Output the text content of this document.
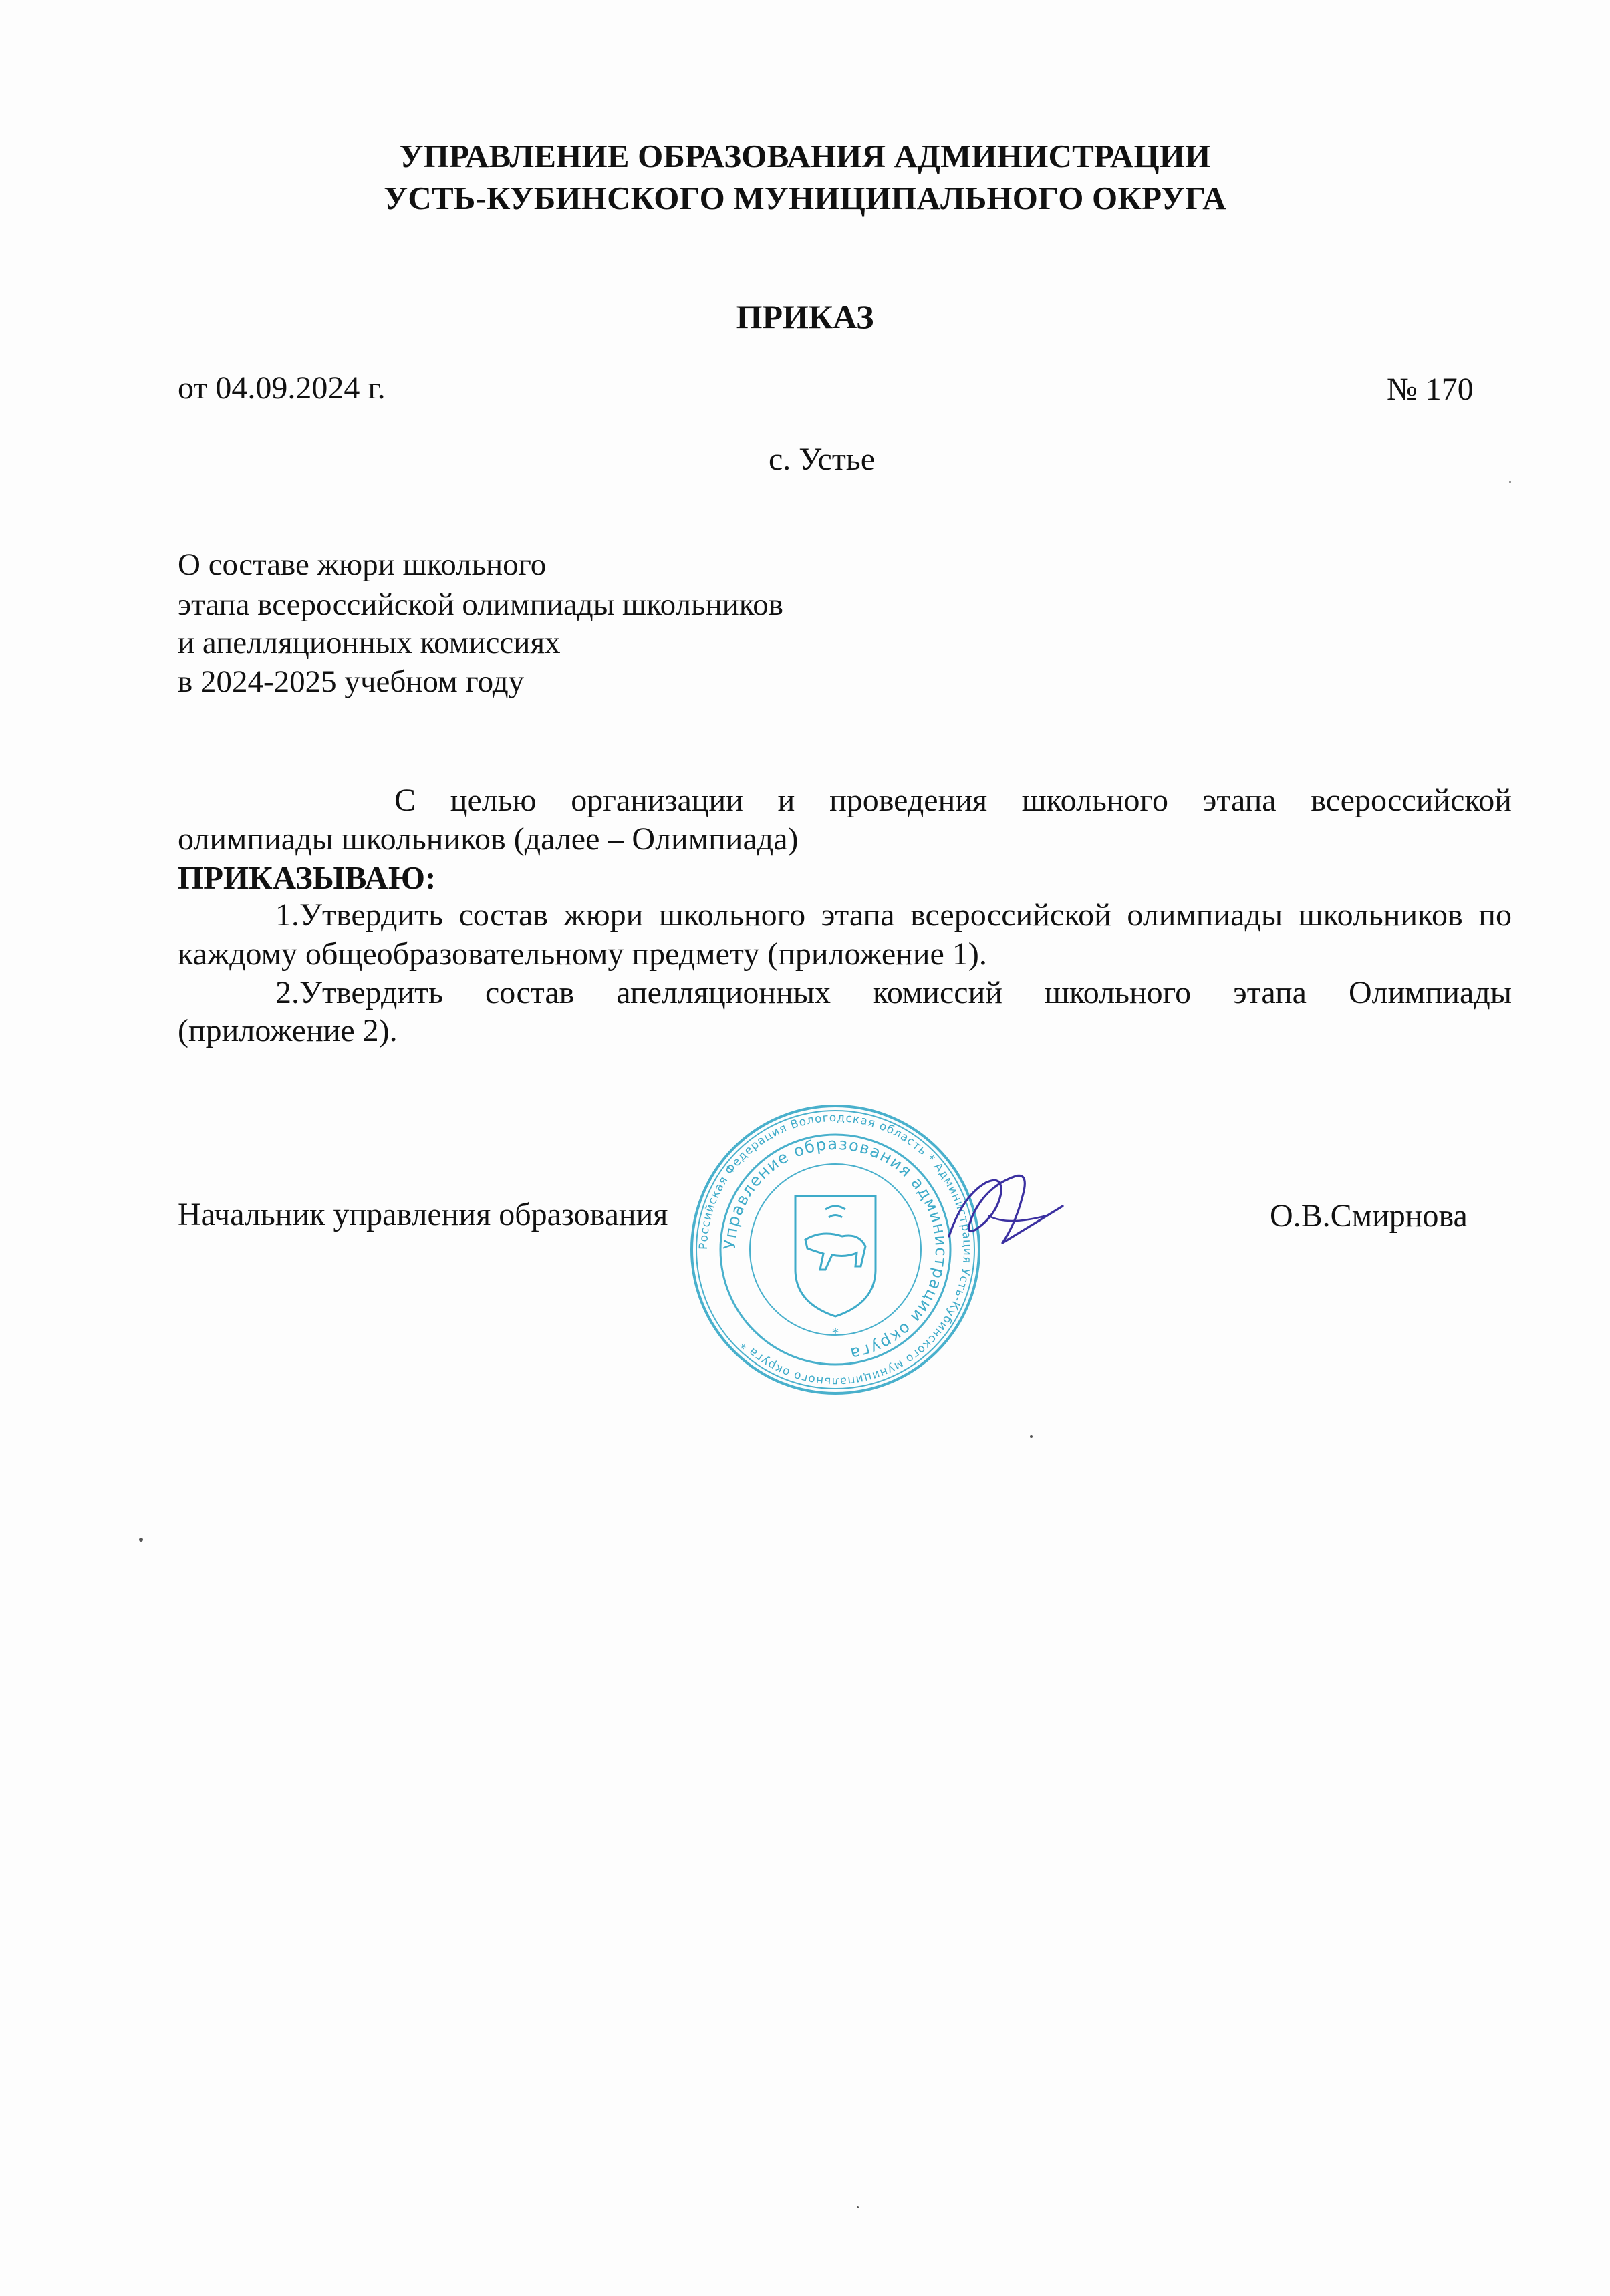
УПРАВЛЕНИЕ ОБРАЗОВАНИЯ АДМИНИСТРАЦИИ
УСТЬ-КУБИНСКОГО МУНИЦИПАЛЬНОГО ОКРУГА
ПРИКАЗ
от 04.09.2024 г.	№ 170
с. Устье
О составе жюри школьного
этапа всероссийской олимпиады школьников
и апелляционных комиссиях
в 2024-2025 учебном году
С целью организации и проведения школьного этапа всероссийской
олимпиады школьников (далее – Олимпиада)
ПРИКАЗЫВАЮ:
1.Утвердить состав жюри школьного этапа всероссийской олимпиады школьников по
каждому общеобразовательному предмету (приложение 1).
2.Утвердить состав апелляционных комиссий школьного этапа Олимпиады
(приложение 2).
Начальник управления образования	О.В.Смирнова
Российская Федерация Вологодская область * Администрация Усть-Кубинского муниципального округа *
Управление образования администрации округа
*
